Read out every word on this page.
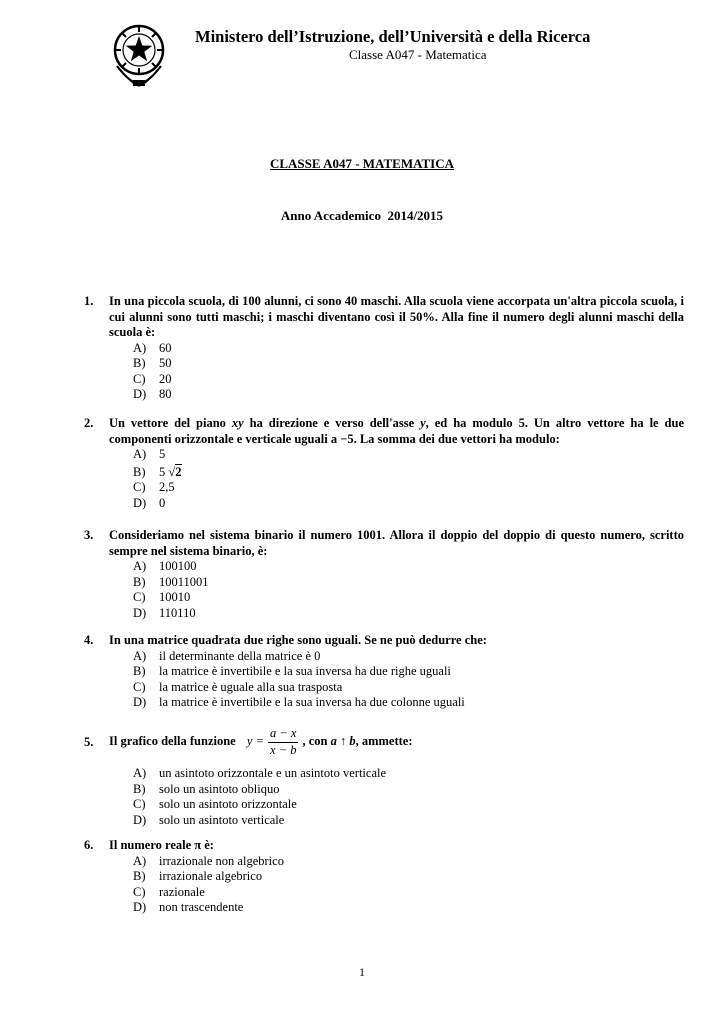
Ministero dell’Istruzione, dell’Università e della Ricerca
Classe A047 - Matematica
CLASSE A047 - MATEMATICA
Anno Accademico  2014/2015
1. In una piccola scuola, di 100 alunni, ci sono 40 maschi. Alla scuola viene accorpata un'altra piccola scuola, i cui alunni sono tutti maschi; i maschi diventano così il 50%. Alla fine il numero degli alunni maschi della scuola è:
A) 60
B) 50
C) 20
D) 80
2. Un vettore del piano xy ha direzione e verso dell'asse y, ed ha modulo 5. Un altro vettore ha le due componenti orizzontale e verticale uguali a −5. La somma dei due vettori ha modulo:
A) 5
B) 5 √2
C) 2,5
D) 0
3. Consideriamo nel sistema binario il numero 1001. Allora il doppio del doppio di questo numero, scritto sempre nel sistema binario, è:
A) 100100
B) 10011001
C) 10010
D) 110110
4. In una matrice quadrata due righe sono uguali. Se ne può dedurre che:
A) il determinante della matrice è 0
B) la matrice è invertibile e la sua inversa ha due righe uguali
C) la matrice è uguale alla sua trasposta
D) la matrice è invertibile e la sua inversa ha due colonne uguali
5. Il grafico della funzione $y = \frac{a - x}{x - b}$ , con a ↑ b, ammette:
A) un asintoto orizzontale e un asintoto verticale
B) solo un asintoto obliquo
C) solo un asintoto orizzontale
D) solo un asintoto verticale
6. Il numero reale π è:
A) irrazionale non algebrico
B) irrazionale algebrico
C) razionale
D) non trascendente
1
